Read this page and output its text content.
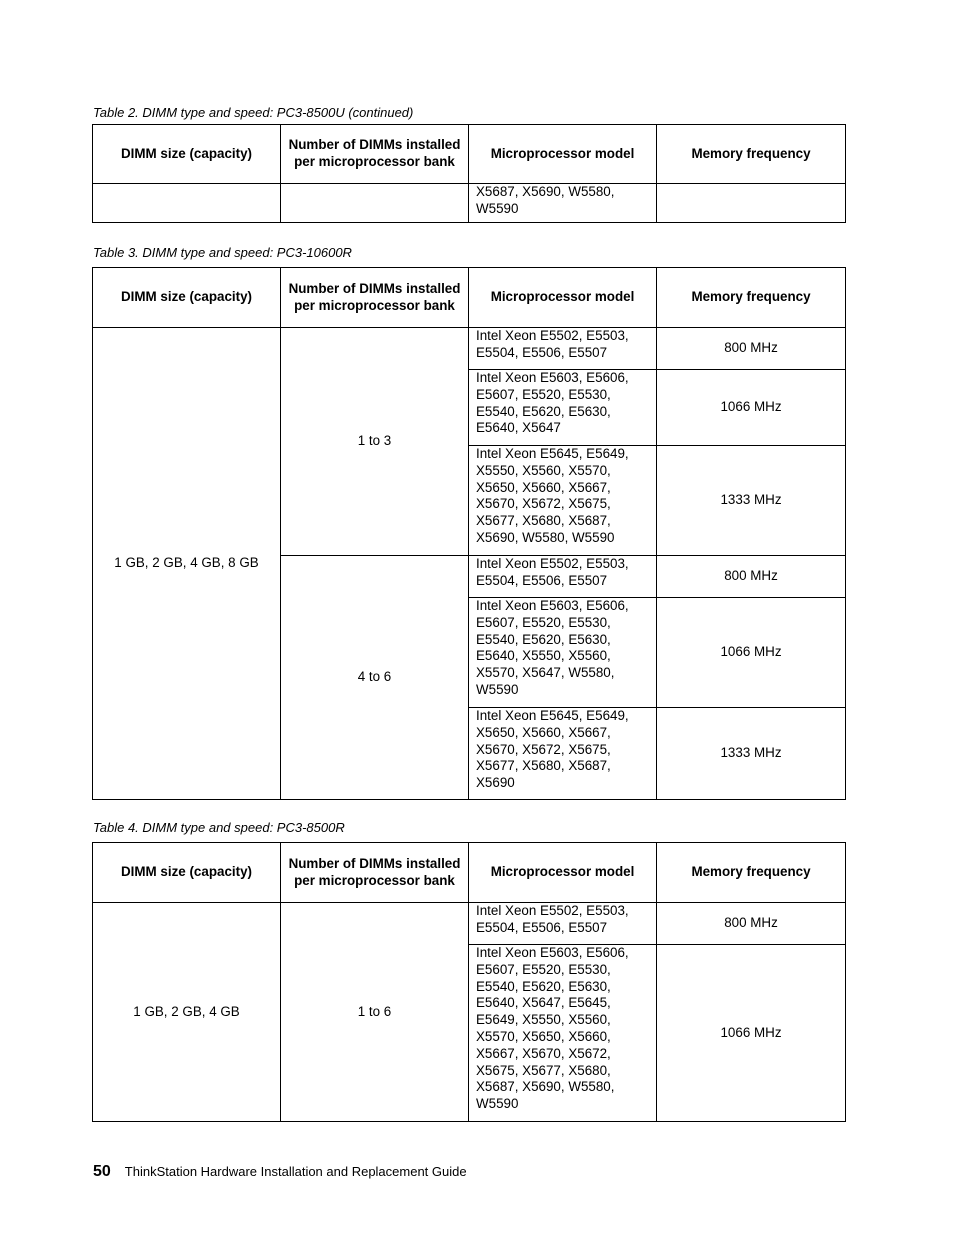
Table 2. DIMM type and speed: PC3-8500U (continued)
DIMM size (capacity)	Number of DIMMs installed per microprocessor bank	Microprocessor model	Memory frequency
		X5687, X5690, W5580, W5590	
Table 3. DIMM type and speed: PC3-10600R
DIMM size (capacity)	Number of DIMMs installed per microprocessor bank	Microprocessor model	Memory frequency
1 GB, 2 GB, 4 GB, 8 GB	1 to 3	Intel Xeon E5502, E5503, E5504, E5506, E5507	800 MHz
		Intel Xeon E5603, E5606, E5607, E5520, E5530, E5540, E5620, E5630, E5640, X5647	1066 MHz
		Intel Xeon E5645, E5649, X5550, X5560, X5570, X5650, X5660, X5667, X5670, X5672, X5675, X5677, X5680, X5687, X5690, W5580, W5590	1333 MHz
	4 to 6	Intel Xeon E5502, E5503, E5504, E5506, E5507	800 MHz
		Intel Xeon E5603, E5606, E5607, E5520, E5530, E5540, E5620, E5630, E5640, X5550, X5560, X5570, X5647, W5580, W5590	1066 MHz
		Intel Xeon E5645, E5649, X5650, X5660, X5667, X5670, X5672, X5675, X5677, X5680, X5687, X5690	1333 MHz
Table 4. DIMM type and speed: PC3-8500R
DIMM size (capacity)	Number of DIMMs installed per microprocessor bank	Microprocessor model	Memory frequency
1 GB, 2 GB, 4 GB	1 to 6	Intel Xeon E5502, E5503, E5504, E5506, E5507	800 MHz
		Intel Xeon E5603, E5606, E5607, E5520, E5530, E5540, E5620, E5630, E5640, X5647, E5645, E5649, X5550, X5560, X5570, X5650, X5660, X5667, X5670, X5672, X5675, X5677, X5680, X5687, X5690, W5580, W5590	1066 MHz
50 ThinkStation Hardware Installation and Replacement Guide
